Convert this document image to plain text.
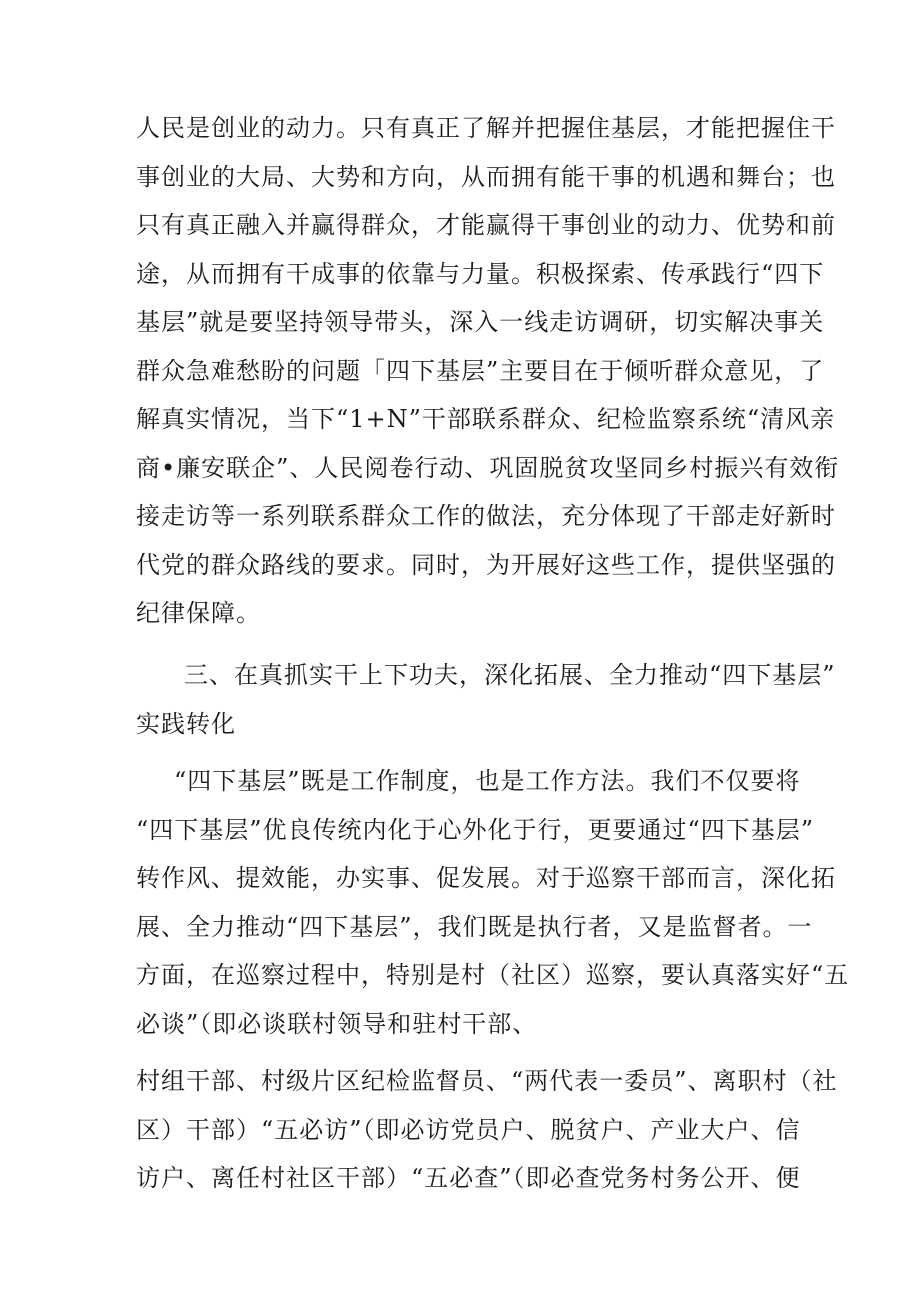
人民是创业的动力。只有真正了解并把握住基层，才能把握住干
事创业的大局、大势和方向，从而拥有能干事的机遇和舞台；也
只有真正融入并赢得群众，才能赢得干事创业的动力、优势和前
途，从而拥有干成事的依靠与力量。积极探索、传承践行“四下
基层”就是要坚持领导带头，深入一线走访调研，切实解决事关
群众急难愁盼的问题「四下基层”主要目在于倾听群众意见，了
解真实情况，当下“1+N”干部联系群众、纪检监察系统“清风亲
商•廉安联企”、人民阅卷行动、巩固脱贫攻坚同乡村振兴有效衔
接走访等一系列联系群众工作的做法，充分体现了干部走好新时
代党的群众路线的要求。同时，为开展好这些工作，提供坚强的
纪律保障。
三、在真抓实干上下功夫，深化拓展、全力推动“四下基层”
实践转化
“四下基层”既是工作制度，也是工作方法。我们不仅要将
“四下基层”优良传统内化于心外化于行，更要通过“四下基层”
转作风、提效能，办实事、促发展。对于巡察干部而言，深化拓
展、全力推动“四下基层”，我们既是执行者，又是监督者。一
方面，在巡察过程中，特别是村（社区）巡察，要认真落实好“五
必谈”（即必谈联村领导和驻村干部、
村组干部、村级片区纪检监督员、“两代表一委员”、离职村（社
区）干部）“五必访”（即必访党员户、脱贫户、产业大户、信
访户、离任村社区干部）“五必查”（即必查党务村务公开、便
